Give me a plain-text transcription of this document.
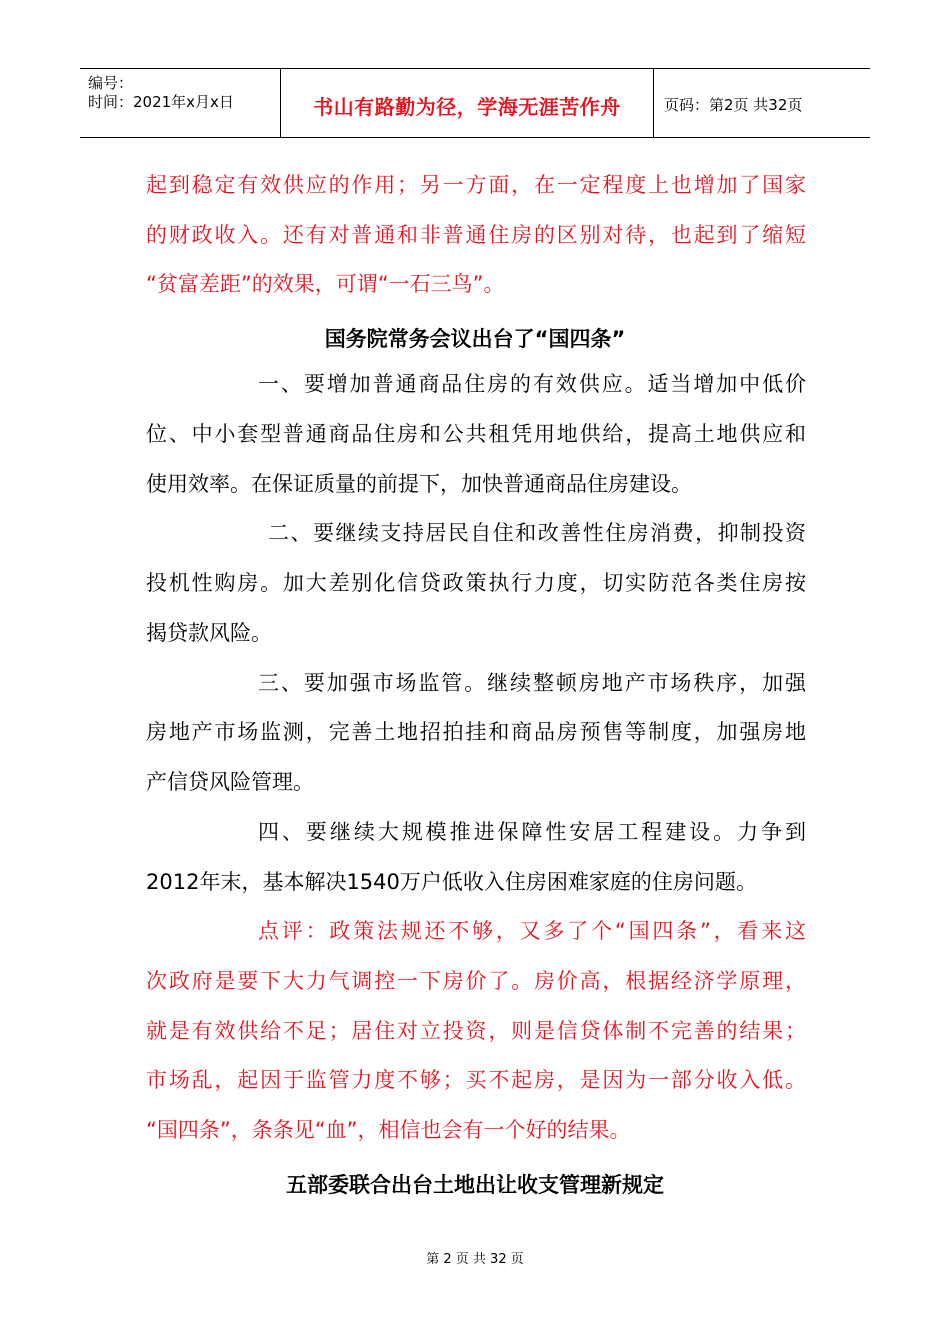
编号：
时间：2021年x月x日	书山有路勤为径，学海无涯苦作舟	页码：第2页 共32页
起到稳定有效供应的作用；另一方面，在一定程度上也增加了国家
的财政收入。还有对普通和非普通住房的区别对待，也起到了缩短
“贫富差距”的效果，可谓“一石三鸟”。
国务院常务会议出台了“国四条”
一、要增加普通商品住房的有效供应。适当增加中低价
位、中小套型普通商品住房和公共租凭用地供给，提高土地供应和
使用效率。在保证质量的前提下，加快普通商品住房建设。
二、要继续支持居民自住和改善性住房消费，抑制投资
投机性购房。加大差别化信贷政策执行力度，切实防范各类住房按
揭贷款风险。
三、要加强市场监管。继续整顿房地产市场秩序，加强
房地产市场监测，完善土地招拍挂和商品房预售等制度，加强房地
产信贷风险管理。
四、要继续大规模推进保障性安居工程建设。力争到
2012年末，基本解决1540万户低收入住房困难家庭的住房问题。
点评：政策法规还不够，又多了个“国四条”，看来这
次政府是要下大力气调控一下房价了。房价高，根据经济学原理，
就是有效供给不足；居住对立投资，则是信贷体制不完善的结果；
市场乱，起因于监管力度不够；买不起房，是因为一部分收入低。
“国四条”，条条见“血”，相信也会有一个好的结果。
五部委联合出台土地出让收支管理新规定
第 2 页 共 32 页
